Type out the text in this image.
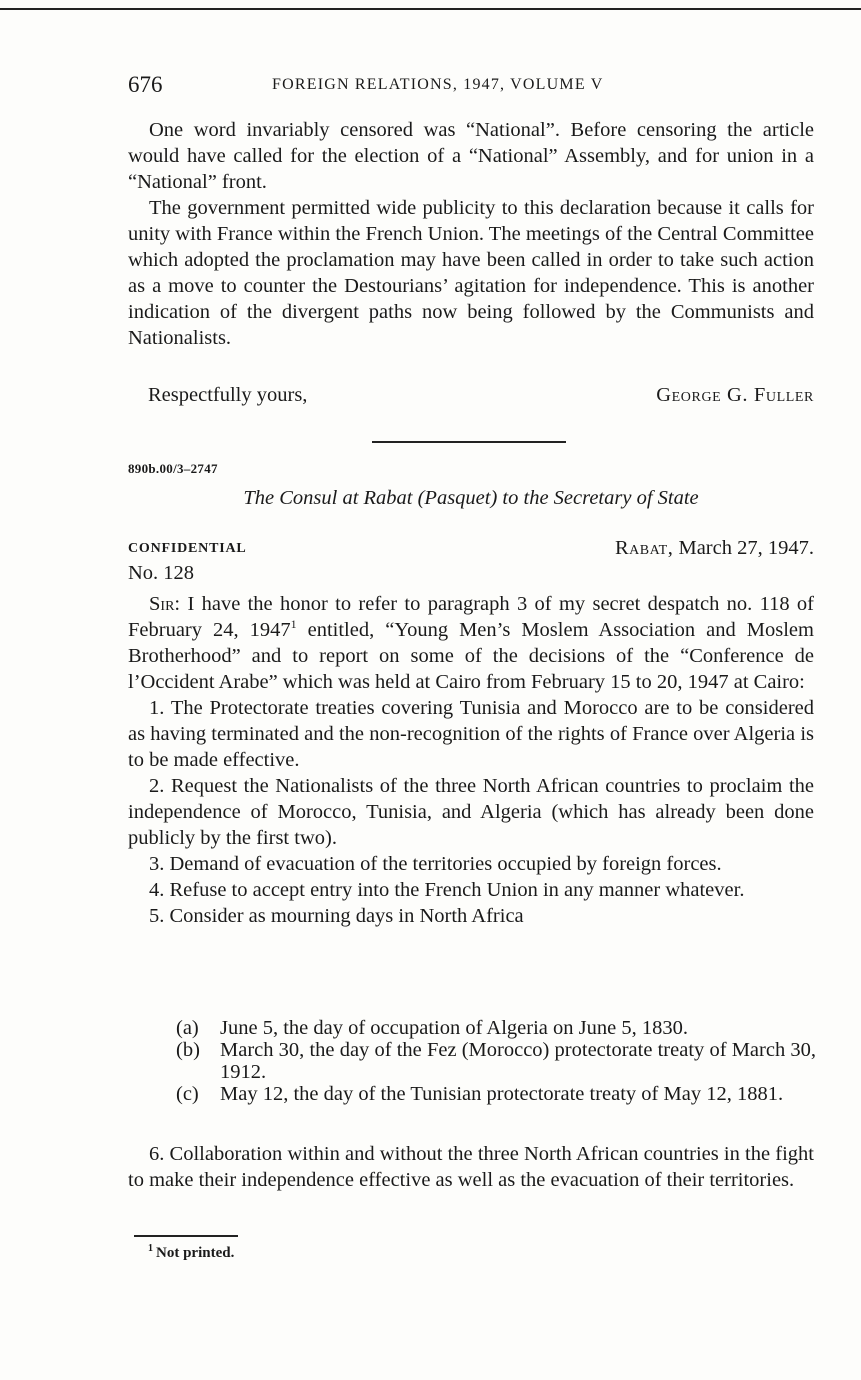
676	FOREIGN RELATIONS, 1947, VOLUME V

One word invariably censored was “National”. Before censoring the article would have called for the election of a “National” Assembly, and for union in a “National” front.

The government permitted wide publicity to this declaration because it calls for unity with France within the French Union. The meetings of the Central Committee which adopted the proclamation may have been called in order to take such action as a move to counter the Destourians’ agitation for independence. This is another indication of the divergent paths now being followed by the Communists and Nationalists.

Respectfully yours,	George G. Fuller
890b.00/3–2747
The Consul at Rabat (Pasquet) to the Secretary of State
CONFIDENTIAL	Rabat, March 27, 1947.
No. 128

Sir: I have the honor to refer to paragraph 3 of my secret despatch no. 118 of February 24, 1947$^1$ entitled, “Young Men’s Moslem Association and Moslem Brotherhood” and to report on some of the decisions of the “Conference de l’Occident Arabe” which was held at Cairo from February 15 to 20, 1947 at Cairo:

1. The Protectorate treaties covering Tunisia and Morocco are to be considered as having terminated and the non-recognition of the rights of France over Algeria is to be made effective.

2. Request the Nationalists of the three North African countries to proclaim the independence of Morocco, Tunisia, and Algeria (which has already been done publicly by the first two).

3. Demand of evacuation of the territories occupied by foreign forces.

4. Refuse to accept entry into the French Union in any manner whatever.

5. Consider as mourning days in North Africa

(a)	June 5, the day of occupation of Algeria on June 5, 1830.
(b) March 30, the day of the Fez (Morocco) protectorate treaty of March 30, 1912.
(c)	May 12, the day of the Tunisian protectorate treaty of May 12, 1881.

6. Collaboration within and without the three North African countries in the fight to make their independence effective as well as the evacuation of their territories.

$^1$ Not printed.
